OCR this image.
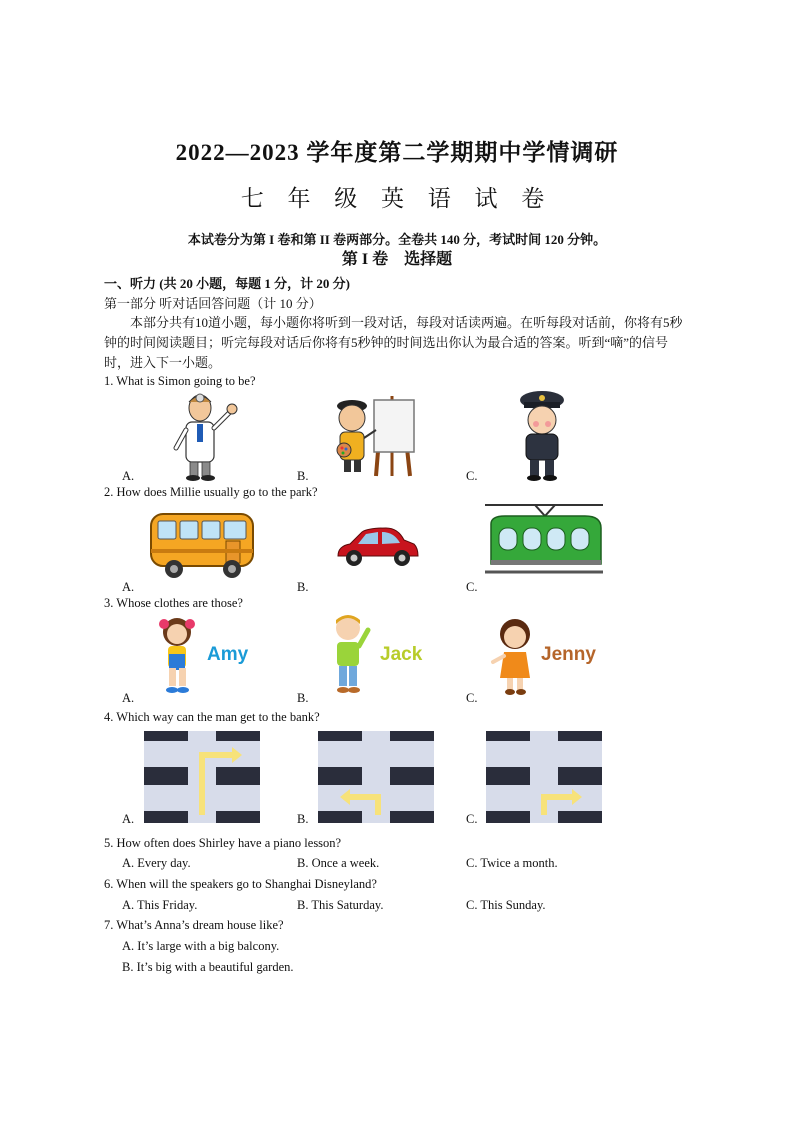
2022—2023 学年度第二学期期中学情调研
七 年 级 英 语 试 卷
本试卷分为第 I 卷和第 II 卷两部分。全卷共 140 分，考试时间 120 分钟。
第 I 卷 选择题
一、听力 (共 20 小题，每题 1 分，计 20 分)
第一部分 听对话回答问题（计 10 分）
本部分共有10道小题，每小题你将听到一段对话，每段对话读两遍。在听每段对话前，你将有5秒钟的时间阅读题目；听完每段对话后你将有5秒钟的时间选出你认为最合适的答案。听到“嘀”的信号时，进入下一小题。
1. What is Simon going to be?
A.	B.	C.
2. How does Millie usually go to the park?
A.	B.	C.
3. Whose clothes are those?
A.	B.	C.
Amy	Jack	Jenny
4. Which way can the man get to the bank?
A.	B.	C.
5. How often does Shirley have a piano lesson?
A. Every day.	B. Once a week.	C. Twice a month.
6. When will the speakers go to Shanghai Disneyland?
A. This Friday.	B. This Saturday.	C. This Sunday.
7. What’s Anna’s dream house like?
A. It’s large with a big balcony.
B. It’s big with a beautiful garden.
